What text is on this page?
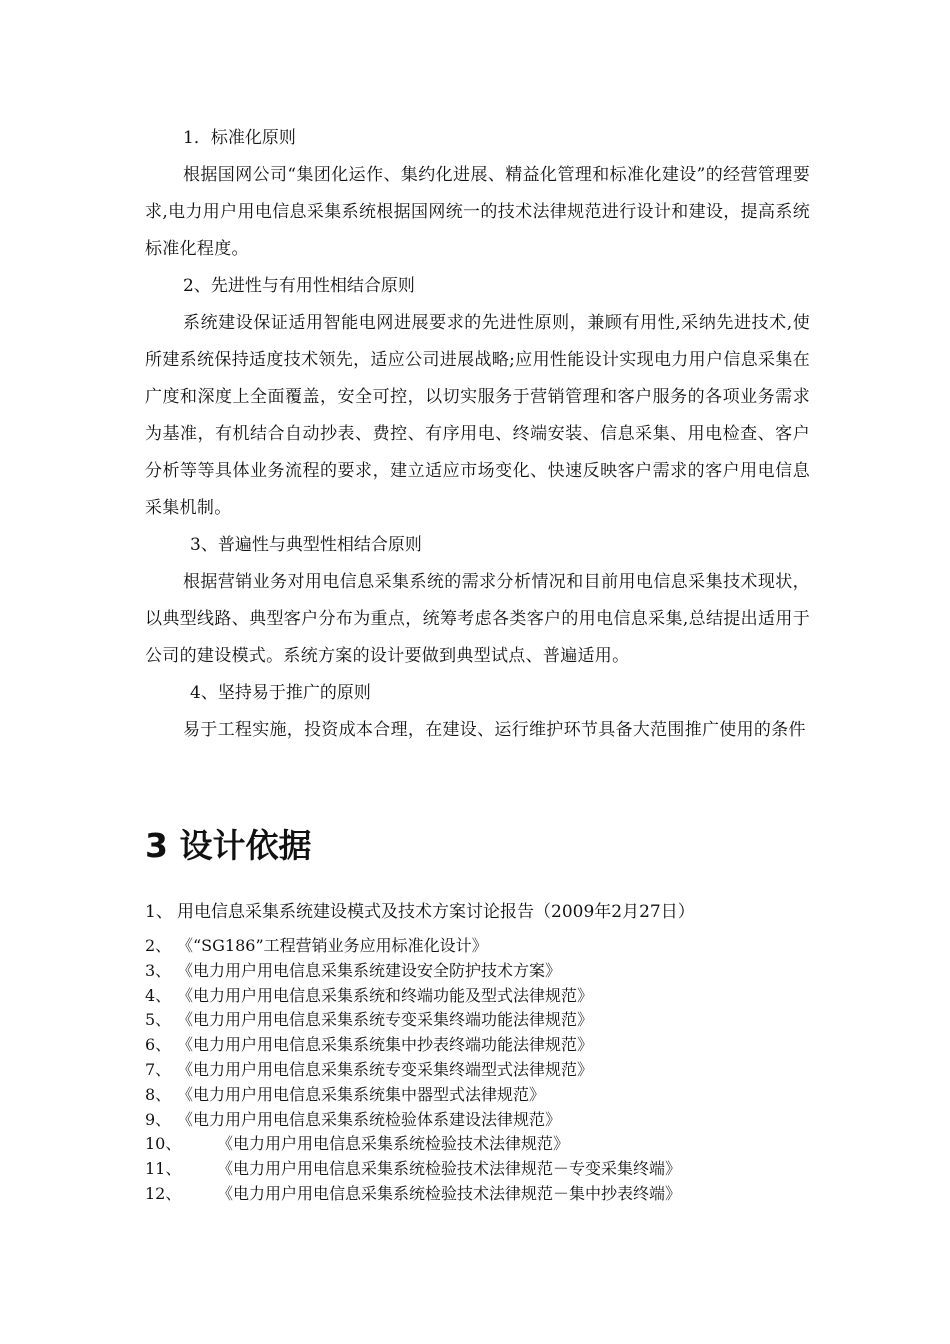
1．标准化原则

根据国网公司“集团化运作、集约化进展、精益化管理和标准化建设”的经营管理要求,电力用户用电信息采集系统根据国网统一的技术法律规范进行设计和建设，提高系统标准化程度。

2、先进性与有用性相结合原则

系统建设保证适用智能电网进展要求的先进性原则，兼顾有用性,采纳先进技术,使所建系统保持适度技术领先，适应公司进展战略;应用性能设计实现电力用户信息采集在广度和深度上全面覆盖，安全可控，以切实服务于营销管理和客户服务的各项业务需求为基准，有机结合自动抄表、费控、有序用电、终端安装、信息采集、用电检查、客户分析等等具体业务流程的要求，建立适应市场变化、快速反映客户需求的客户用电信息采集机制。

3、普遍性与典型性相结合原则

根据营销业务对用电信息采集系统的需求分析情况和目前用电信息采集技术现状，以典型线路、典型客户分布为重点，统筹考虑各类客户的用电信息采集,总结提出适用于公司的建设模式。系统方案的设计要做到典型试点、普遍适用。

4、坚持易于推广的原则

易于工程实施，投资成本合理，在建设、运行维护环节具备大范围推广使用的条件

3 设计依据
1、 用电信息采集系统建设模式及技术方案讨论报告（2009年2月27日）
2、 《“SG186”工程营销业务应用标准化设计》
3、 《电力用户用电信息采集系统建设安全防护技术方案》
4、 《电力用户用电信息采集系统和终端功能及型式法律规范》
5、 《电力用户用电信息采集系统专变采集终端功能法律规范》
6、 《电力用户用电信息采集系统集中抄表终端功能法律规范》
7、 《电力用户用电信息采集系统专变采集终端型式法律规范》
8、 《电力用户用电信息采集系统集中器型式法律规范》
9、 《电力用户用电信息采集系统检验体系建设法律规范》
10、 《电力用户用电信息采集系统检验技术法律规范》
11、 《电力用户用电信息采集系统检验技术法律规范－专变采集终端》
12、 《电力用户用电信息采集系统检验技术法律规范－集中抄表终端》
